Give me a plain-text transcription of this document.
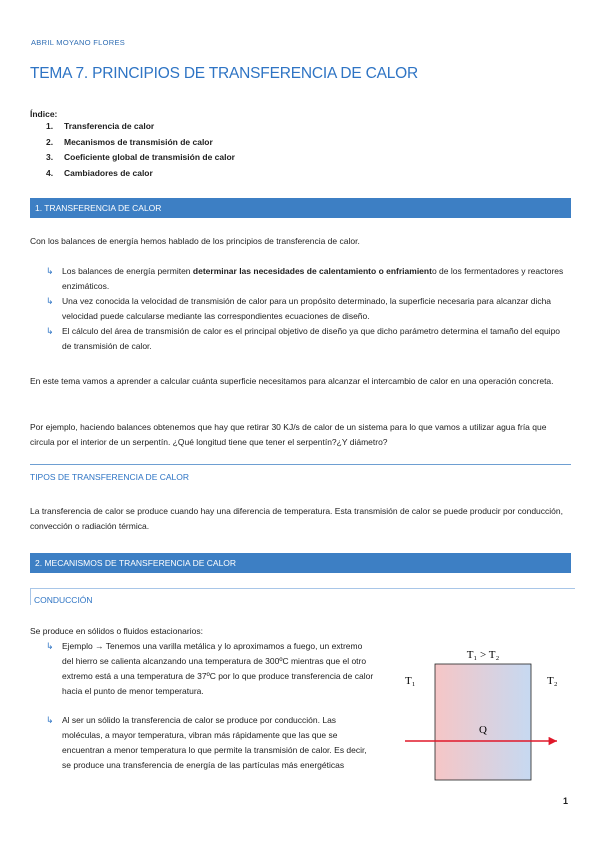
ABRIL MOYANO FLORES
TEMA 7. PRINCIPIOS DE TRANSFERENCIA DE CALOR
Índice:
1.	Transferencia de calor
2.	Mecanismos de transmisión de calor
3.	Coeficiente global de transmisión de calor
4.	Cambiadores de calor
1. TRANSFERENCIA DE CALOR
Con los balances de energía hemos hablado de los principios de transferencia de calor.
↳ Los balances de energía permiten determinar las necesidades de calentamiento o enfriamiento de los fermentadores y reactores enzimáticos.
↳ Una vez conocida la velocidad de transmisión de calor para un propósito determinado, la superficie necesaria para alcanzar dicha velocidad puede calcularse mediante las correspondientes ecuaciones de diseño.
↳ El cálculo del área de transmisión de calor es el principal objetivo de diseño ya que dicho parámetro determina el tamaño del equipo de transmisión de calor.
En este tema vamos a aprender a calcular cuánta superficie necesitamos para alcanzar el intercambio de calor en una operación concreta.
Por ejemplo, haciendo balances obtenemos que hay que retirar 30 KJ/s de calor de un sistema para lo que vamos a utilizar agua fría que circula por el interior de un serpentín. ¿Qué longitud tiene que tener el serpentín?¿Y diámetro?
TIPOS DE TRANSFERENCIA DE CALOR
La transferencia de calor se produce cuando hay una diferencia de temperatura. Esta transmisión de calor se puede producir por conducción, convección o radiación térmica.
2. MECANISMOS DE TRANSFERENCIA DE CALOR
CONDUCCIÓN
Se produce en sólidos o fluidos estacionarios:
↳ Ejemplo → Tenemos una varilla metálica y lo aproximamos a fuego, un extremo del hierro se calienta alcanzando una temperatura de 300ºC mientras que el otro extremo está a una temperatura de 37ºC por lo que produce transferencia de calor hacia el punto de menor temperatura.
↳ Al ser un sólido la transferencia de calor se produce por conducción. Las moléculas, a mayor temperatura, vibran más rápidamente que las que se encuentran a menor temperatura lo que permite la transmisión de calor. Es decir, se produce una transferencia de energía de las partículas más energéticas
T₁ > T₂
T₁	T₂
Q
1
